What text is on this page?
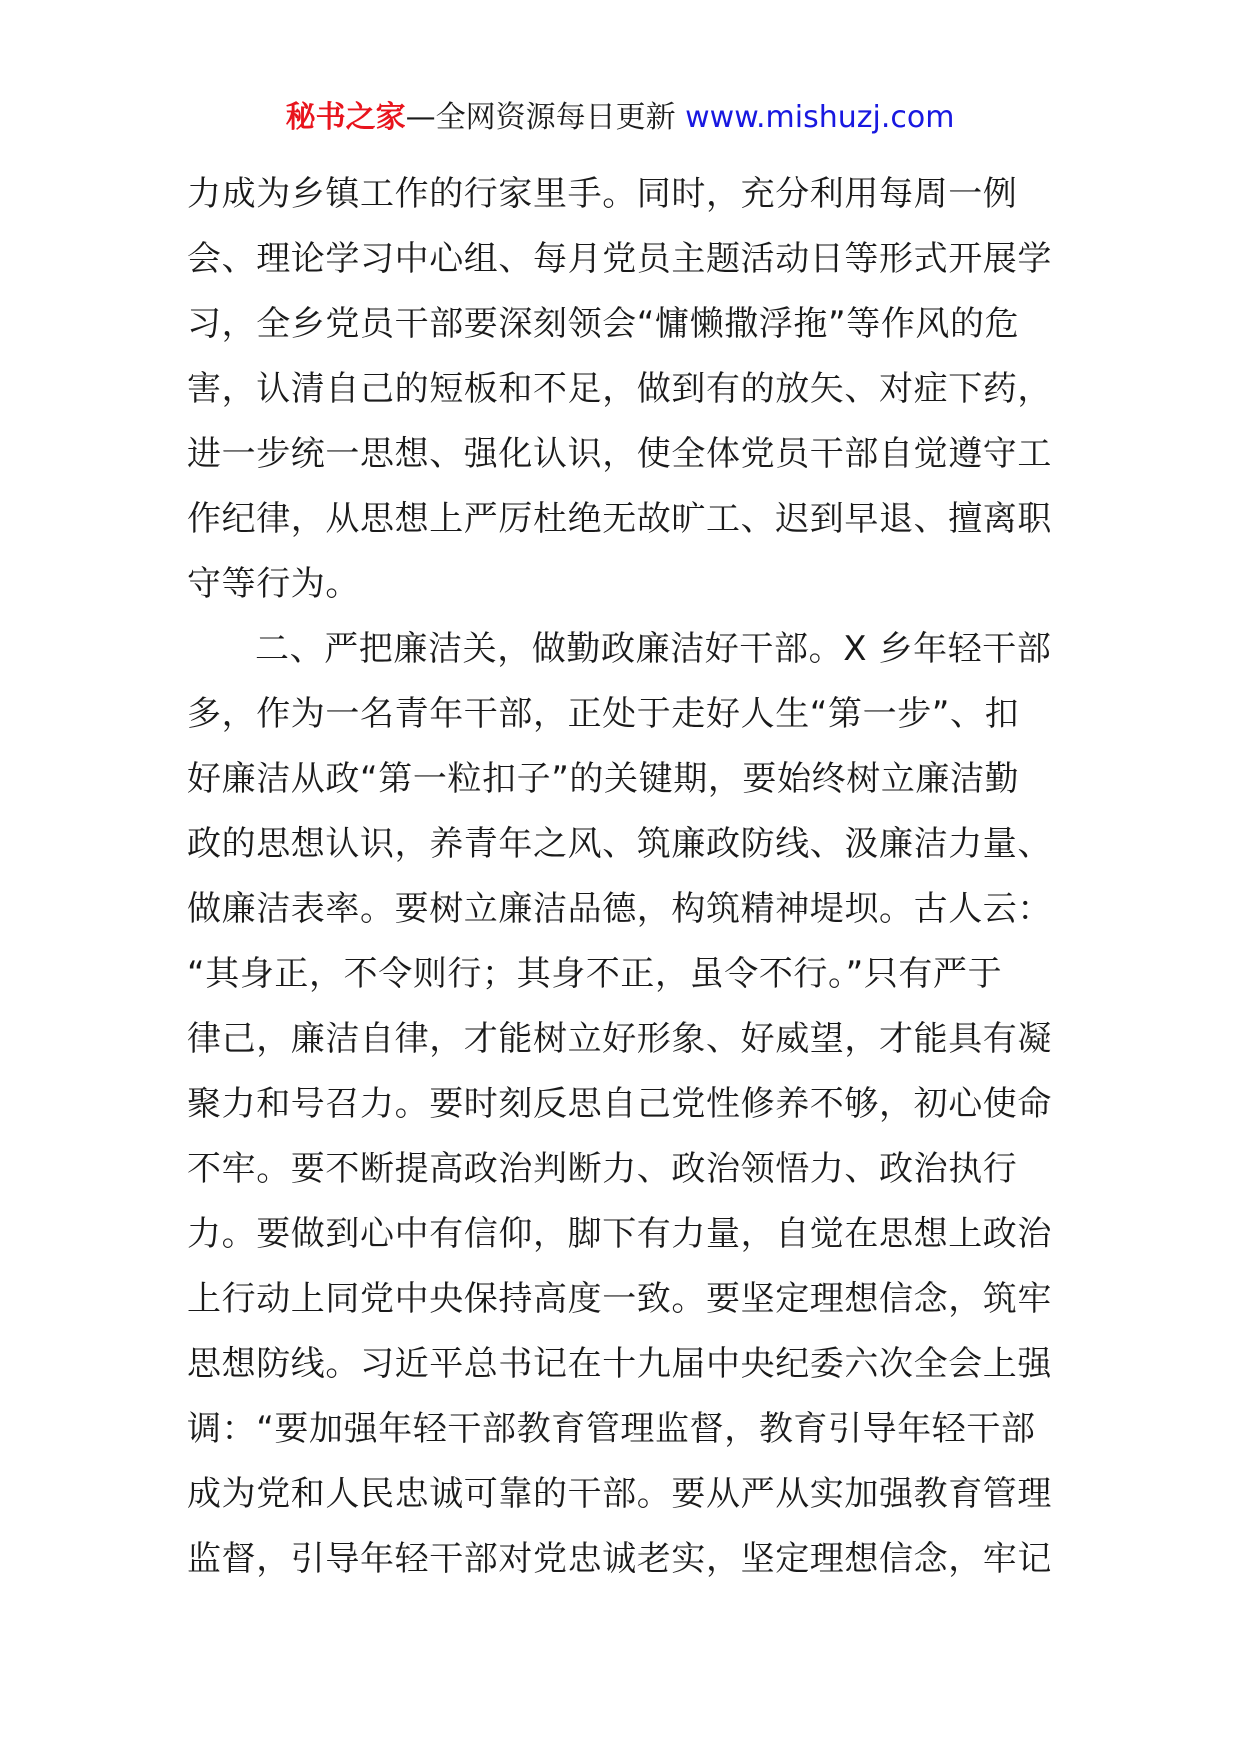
秘书之家—全网资源每日更新 www.mishuzj.com
力成为乡镇工作的行家里手。同时，充分利用每周一例
会、理论学习中心组、每月党员主题活动日等形式开展学
习，全乡党员干部要深刻领会“慵懒撒浮拖”等作风的危
害，认清自己的短板和不足，做到有的放矢、对症下药，
进一步统一思想、强化认识，使全体党员干部自觉遵守工
作纪律，从思想上严厉杜绝无故旷工、迟到早退、擅离职
守等行为。
二、严把廉洁关，做勤政廉洁好干部。X 乡年轻干部
多，作为一名青年干部，正处于走好人生“第一步”、扣
好廉洁从政“第一粒扣子”的关键期，要始终树立廉洁勤
政的思想认识，养青年之风、筑廉政防线、汲廉洁力量、
做廉洁表率。要树立廉洁品德，构筑精神堤坝。古人云：
“其身正，不令则行；其身不正，虽令不行。”只有严于
律己，廉洁自律，才能树立好形象、好威望，才能具有凝
聚力和号召力。要时刻反思自己党性修养不够，初心使命
不牢。要不断提高政治判断力、政治领悟力、政治执行
力。要做到心中有信仰，脚下有力量，自觉在思想上政治
上行动上同党中央保持高度一致。要坚定理想信念，筑牢
思想防线。习近平总书记在十九届中央纪委六次全会上强
调：“要加强年轻干部教育管理监督，教育引导年轻干部
成为党和人民忠诚可靠的干部。要从严从实加强教育管理
监督，引导年轻干部对党忠诚老实，坚定理想信念，牢记
